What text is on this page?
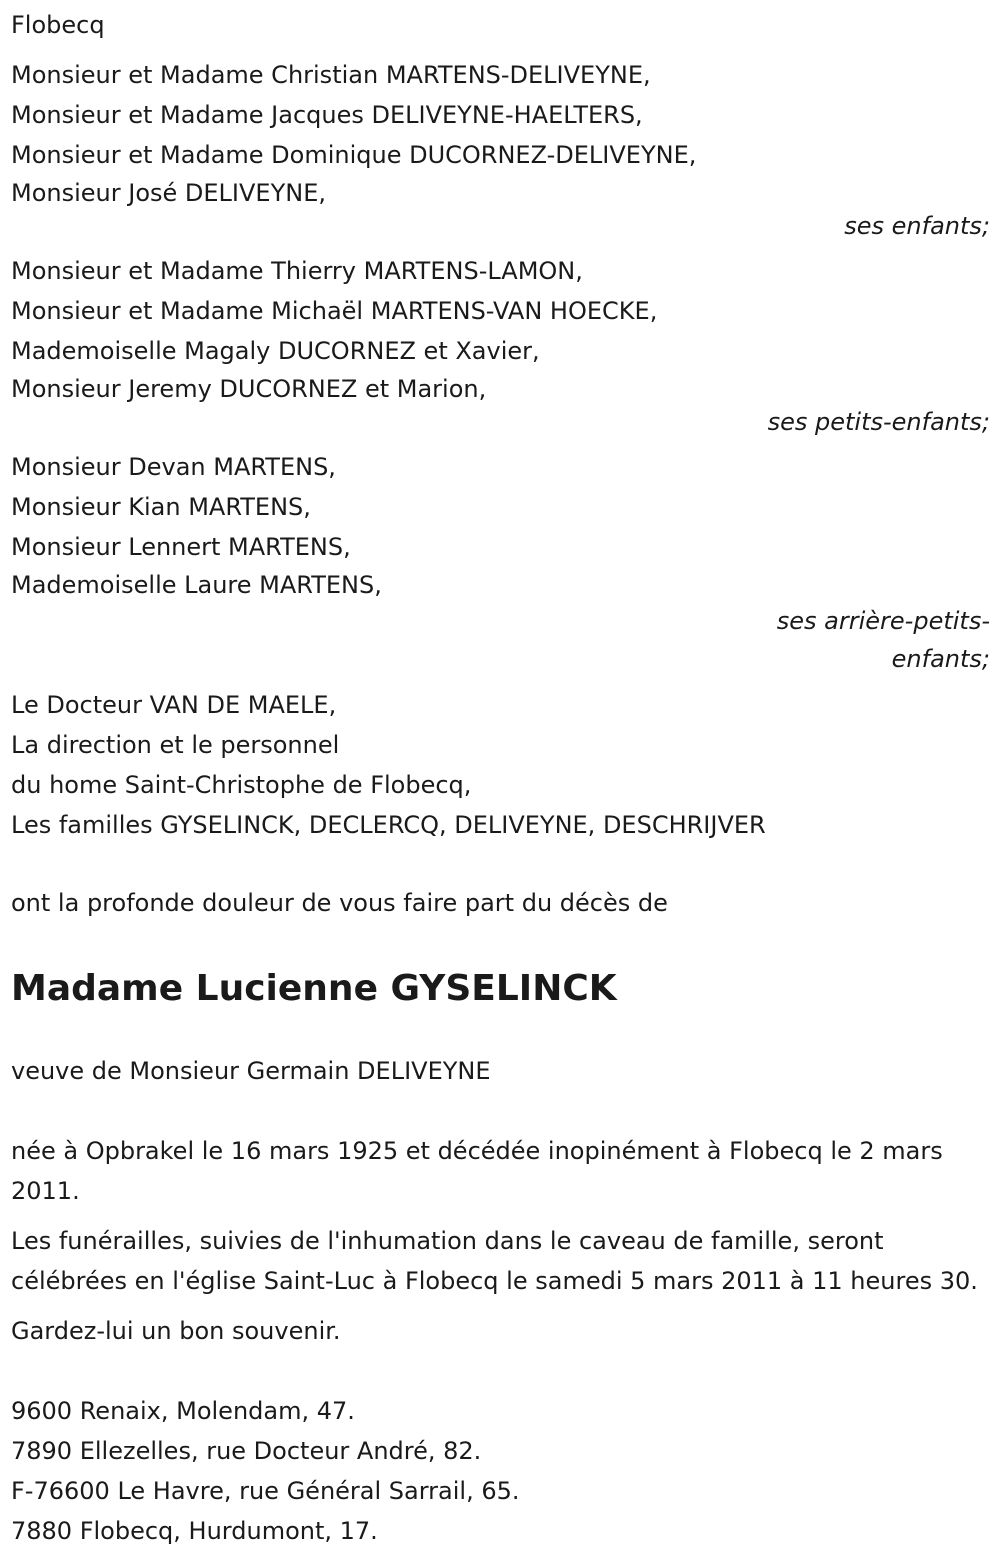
Flobecq
Monsieur et Madame Christian MARTENS-DELIVEYNE,
Monsieur et Madame Jacques DELIVEYNE-HAELTERS,
Monsieur et Madame Dominique DUCORNEZ-DELIVEYNE,
Monsieur José DELIVEYNE,
ses enfants;
Monsieur et Madame Thierry MARTENS-LAMON,
Monsieur et Madame Michaël MARTENS-VAN HOECKE,
Mademoiselle Magaly DUCORNEZ et Xavier,
Monsieur Jeremy DUCORNEZ et Marion,
ses petits-enfants;
Monsieur Devan MARTENS,
Monsieur Kian MARTENS,
Monsieur Lennert MARTENS,
Mademoiselle Laure MARTENS,
ses arrière-petits-
enfants;
Le Docteur VAN DE MAELE,
La direction et le personnel
du home Saint-Christophe de Flobecq,
Les familles GYSELINCK, DECLERCQ, DELIVEYNE, DESCHRIJVER
ont la profonde douleur de vous faire part du décès de
Madame Lucienne GYSELINCK
veuve de Monsieur Germain DELIVEYNE
née à Opbrakel le 16 mars 1925 et décédée inopinément à Flobecq le 2 mars 2011.
Les funérailles, suivies de l'inhumation dans le caveau de famille, seront célébrées en l'église Saint-Luc à Flobecq le samedi 5 mars 2011 à 11 heures 30.
Gardez-lui un bon souvenir.
9600 Renaix, Molendam, 47.
7890 Ellezelles, rue Docteur André, 82.
F-76600 Le Havre, rue Général Sarrail, 65.
7880 Flobecq, Hurdumont, 17.
